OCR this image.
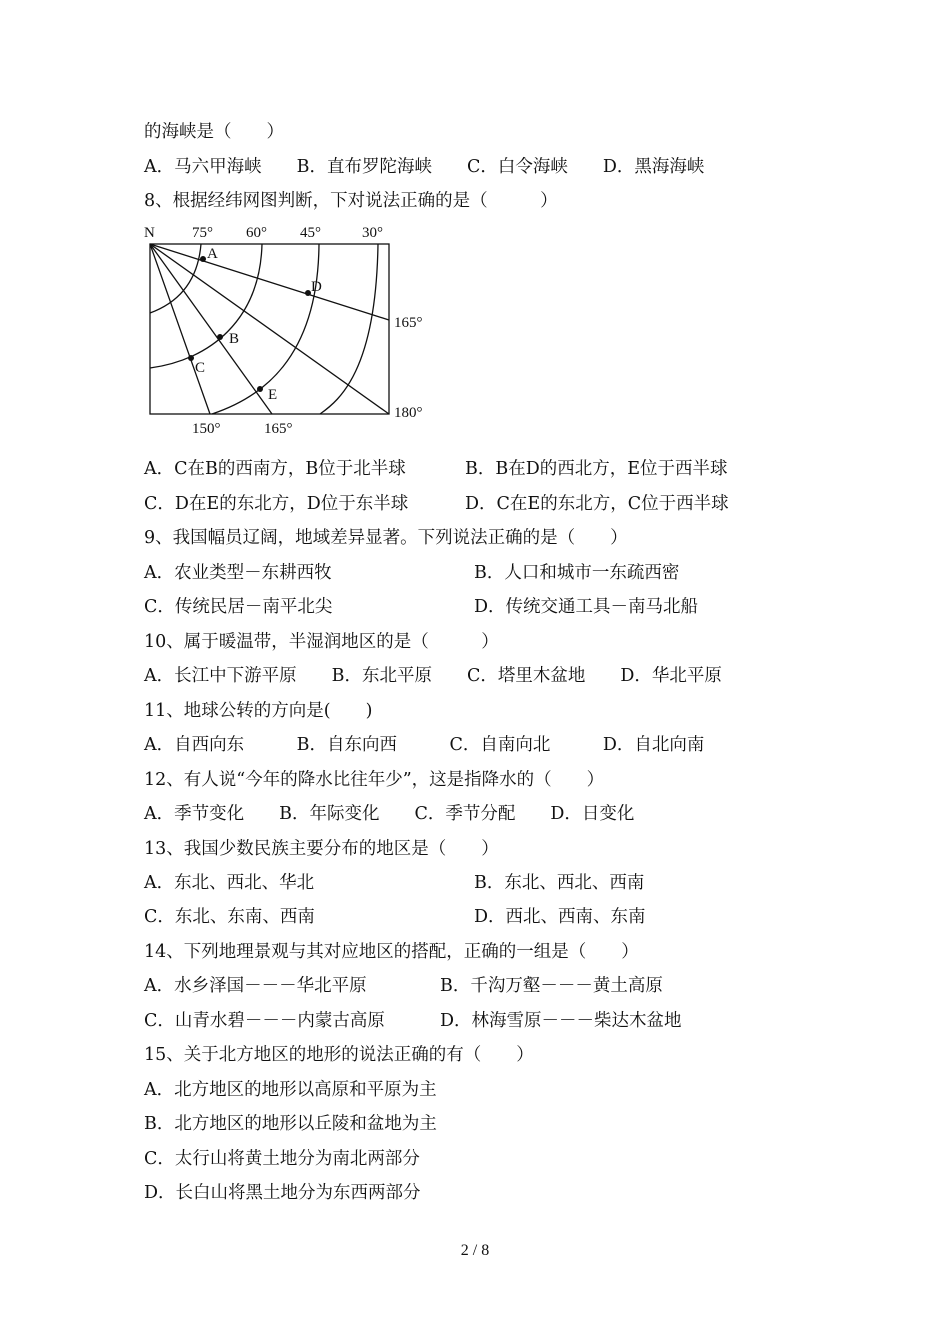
的海峡是（　　）
A．马六甲海峡　　B．直布罗陀海峡　　C．白令海峡　　D．黑海海峡
8、根据经纬网图判断，下对说法正确的是（　　　）
N 75° 60° 45°	30°
165°
180°
150°	165°
A
B
C
D
E
A．C在B的西南方，B位于北半球	B．B在D的西北方，E位于西半球
C．D在E的东北方，D位于东半球	D．C在E的东北方，C位于西半球
9、我国幅员辽阔，地域差异显著。下列说法正确的是（　　）
A．农业类型－东耕西牧	B．人口和城市一东疏西密
C．传统民居－南平北尖	D．传统交通工具－南马北船
10、属于暖温带，半湿润地区的是（　　　）
A．长江中下游平原　　B．东北平原　　C．塔里木盆地　　D．华北平原
11、地球公转的方向是(　　)
A．自西向东　　　B．自东向西　　　C．自南向北　　　D．自北向南
12、有人说“今年的降水比往年少”，这是指降水的（　　）
A．季节变化　　B．年际变化　　C．季节分配　　D．日变化
13、我国少数民族主要分布的地区是（　　）
A．东北、西北、华北	B．东北、西北、西南
C．东北、东南、西南	D．西北、西南、东南
14、下列地理景观与其对应地区的搭配，正确的一组是（　　）
A．水乡泽国－－－华北平原	B．千沟万壑－－－黄土高原
C．山青水碧－－－内蒙古高原	D．林海雪原－－－柴达木盆地
15、关于北方地区的地形的说法正确的有（　　）
A．北方地区的地形以高原和平原为主
B．北方地区的地形以丘陵和盆地为主
C．太行山将黄土地分为南北两部分
D．长白山将黑土地分为东西两部分
2 / 8
